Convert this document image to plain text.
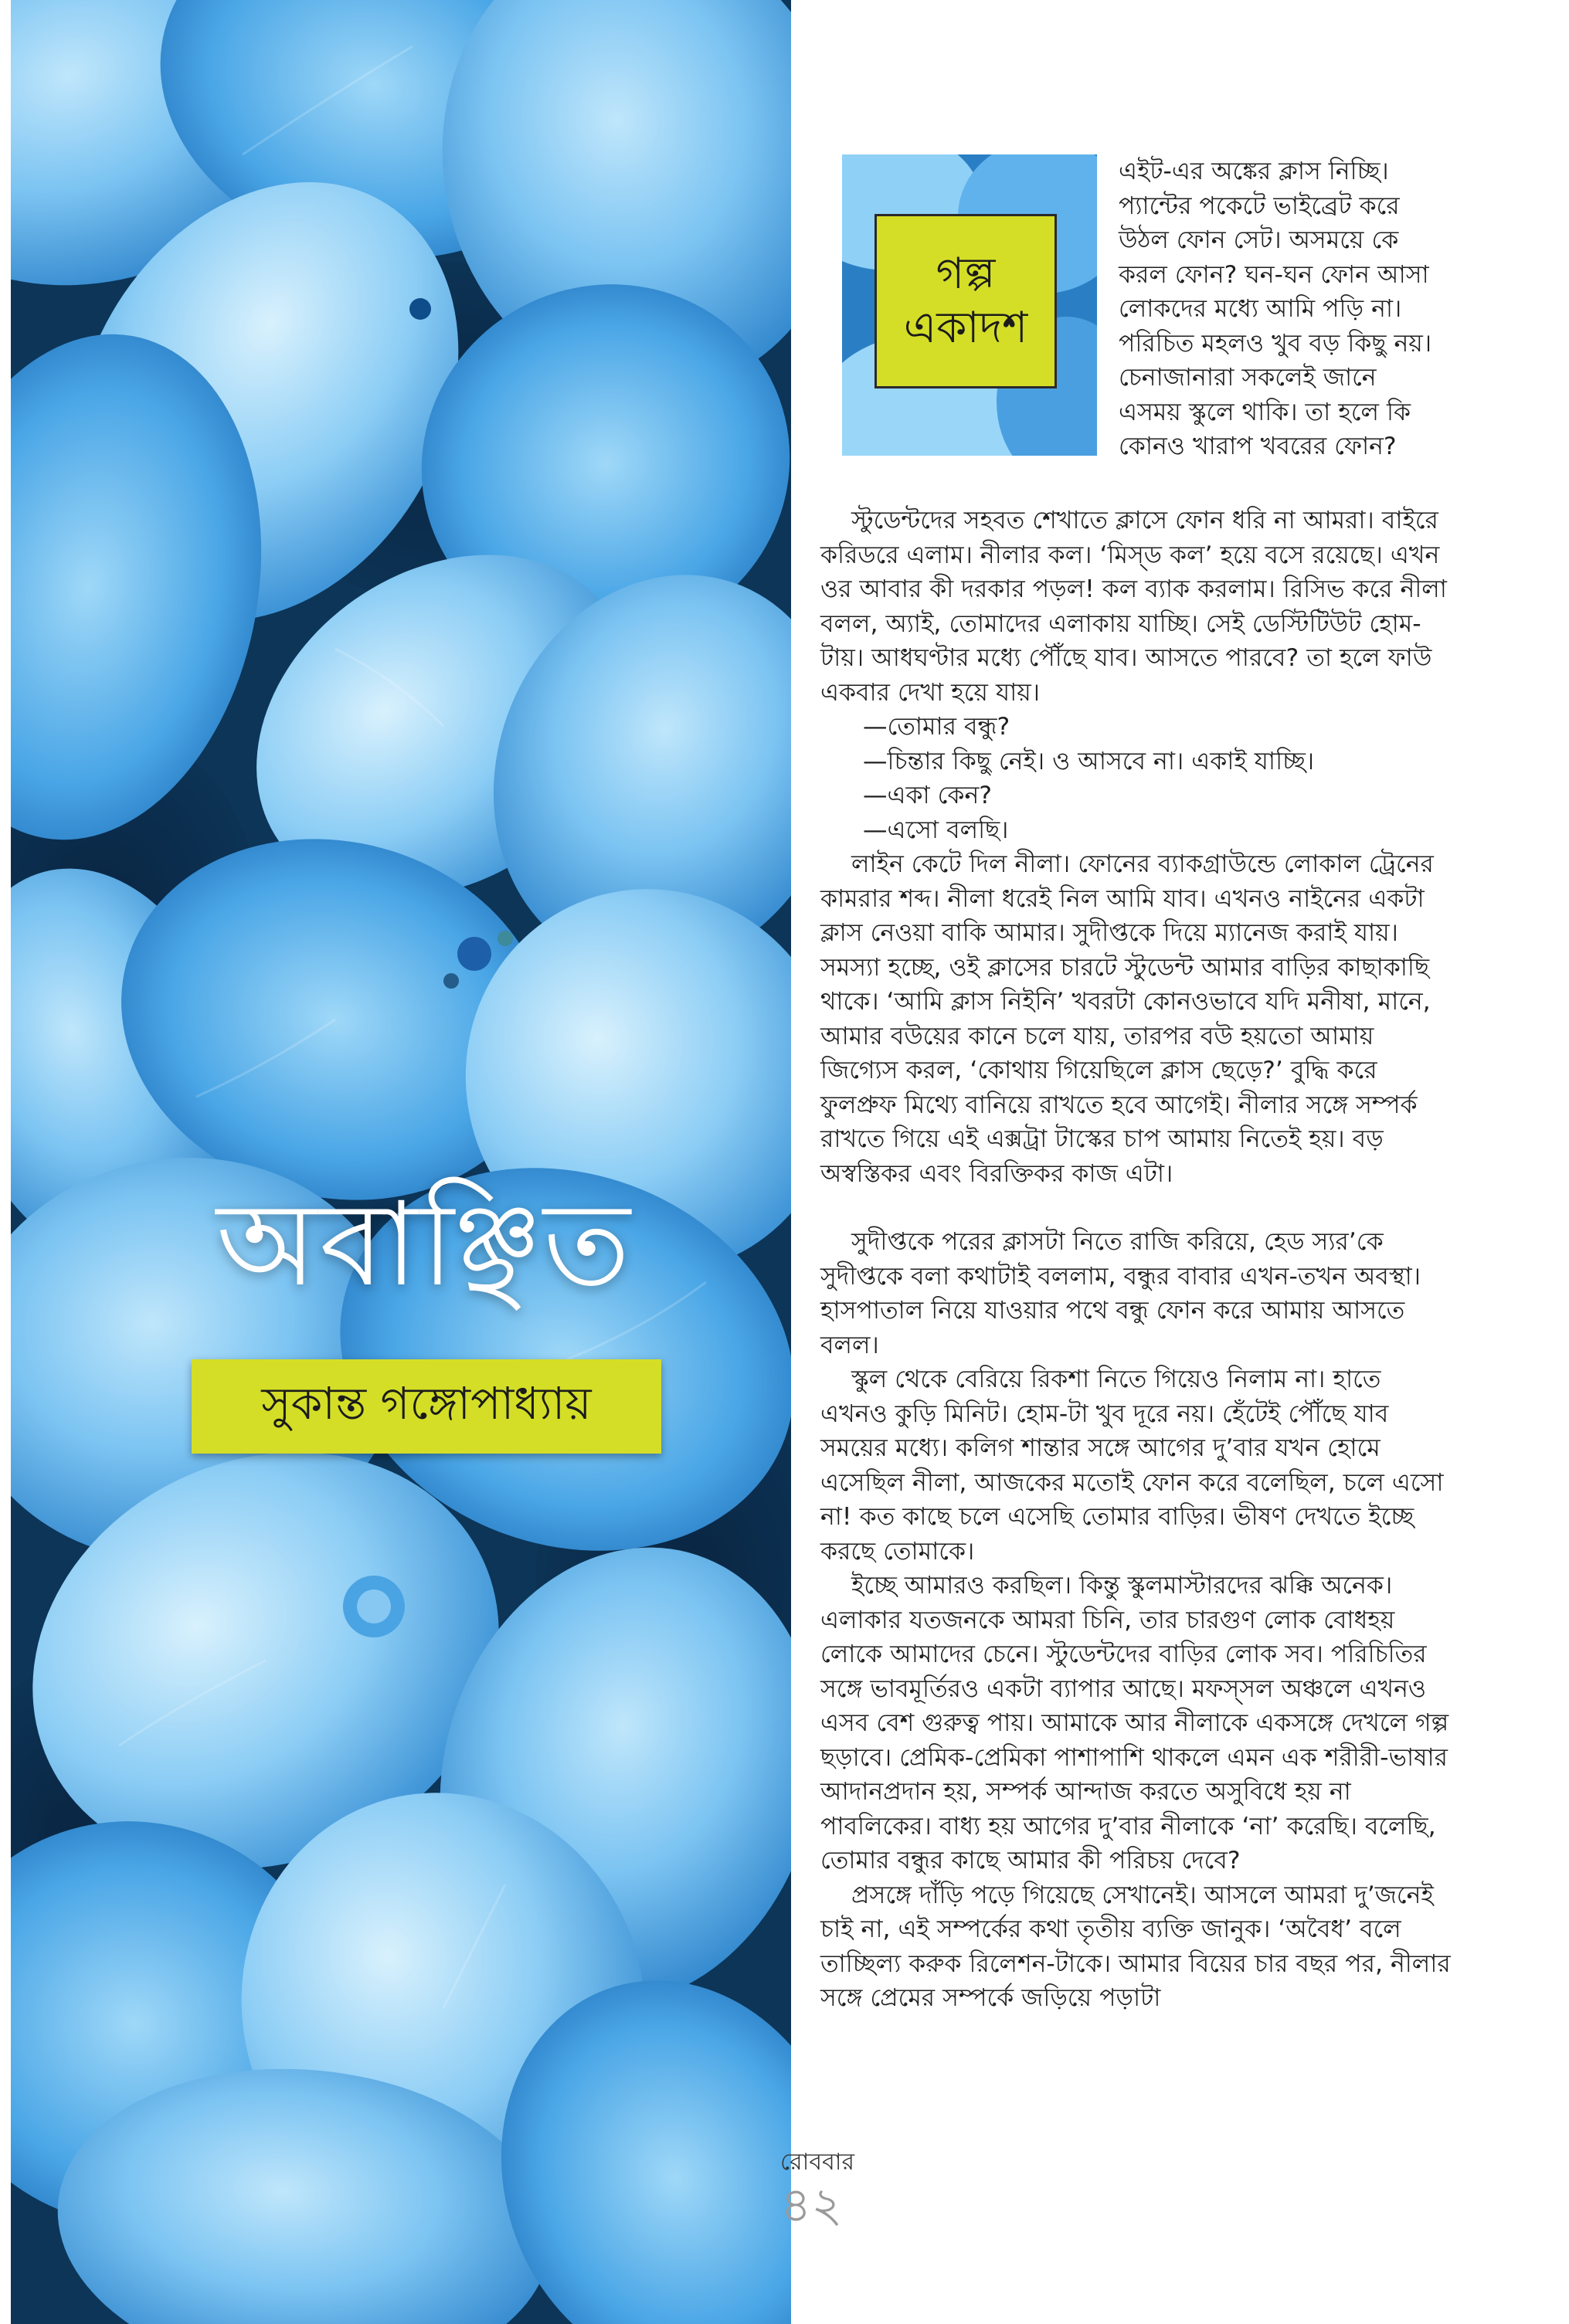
অবাঞ্ছিত
সুকান্ত গঙ্গোপাধ্যায়
গল্প
একাদশ

এইট-এর অঙ্কের ক্লাস নিচ্ছি। প্যান্টের পকেটে ভাইব্রেট করে উঠল ফোন সেট। অসময়ে কে করল ফোন? ঘন-ঘন ফোন আসা লোকদের মধ্যে আমি পড়ি না। পরিচিত মহলও খুব বড় কিছু নয়। চেনাজানারা সকলেই জানে এসময় স্কুলে থাকি। তা হলে কি কোনও খারাপ খবরের ফোন?

স্টুডেন্টদের সহবত শেখাতে ক্লাসে ফোন ধরি না আমরা। বাইরে করিডরে এলাম। নীলার কল। ‘মিস্‌ড কল’ হয়ে বসে রয়েছে। এখন ওর আবার কী দরকার পড়ল! কল ব্যাক করলাম। রিসিভ করে নীলা বলল, অ্যাই, তোমাদের এলাকায় যাচ্ছি। সেই ডেস্টিটিউট হোম-টায়। আধঘণ্টার মধ্যে পৌঁছে যাব। আসতে পারবে? তা হলে ফাউ একবার দেখা হয়ে যায়।

—তোমার বন্ধু?

—চিন্তার কিছু নেই। ও আসবে না। একাই যাচ্ছি।

—একা কেন?

—এসো বলছি।

লাইন কেটে দিল নীলা। ফোনের ব্যাকগ্রাউন্ডে লোকাল ট্রেনের কামরার শব্দ। নীলা ধরেই নিল আমি যাব। এখনও নাইনের একটা ক্লাস নেওয়া বাকি আমার। সুদীপ্তকে দিয়ে ম্যানেজ করাই যায়। সমস্যা হচ্ছে, ওই ক্লাসের চারটে স্টুডেন্ট আমার বাড়ির কাছাকাছি থাকে। ‘আমি ক্লাস নিইনি’ খবরটা কোনওভাবে যদি মনীষা, মানে, আমার বউয়ের কানে চলে যায়, তারপর বউ হয়তো আমায় জিগ্যেস করল, ‘কোথায় গিয়েছিলে ক্লাস ছেড়ে?’ বুদ্ধি করে ফুলপ্রুফ মিথ্যে বানিয়ে রাখতে হবে আগেই। নীলার সঙ্গে সম্পর্ক রাখতে গিয়ে এই এক্সট্রা টাস্কের চাপ আমায় নিতেই হয়। বড় অস্বস্তিকর এবং বিরক্তিকর কাজ এটা।

সুদীপ্তকে পরের ক্লাসটা নিতে রাজি করিয়ে, হেড স্যর’কে সুদীপ্তকে বলা কথাটাই বললাম, বন্ধুর বাবার এখন-তখন অবস্থা। হাসপাতাল নিয়ে যাওয়ার পথে বন্ধু ফোন করে আমায় আসতে বলল।

স্কুল থেকে বেরিয়ে রিকশা নিতে গিয়েও নিলাম না। হাতে এখনও কুড়ি মিনিট। হোম-টা খুব দূরে নয়। হেঁটেই পৌঁছে যাব সময়ের মধ্যে। কলিগ শান্তার সঙ্গে আগের দু’বার যখন হোমে এসেছিল নীলা, আজকের মতোই ফোন করে বলেছিল, চলে এসো না! কত কাছে চলে এসেছি তোমার বাড়ির। ভীষণ দেখতে ইচ্ছে করছে তোমাকে।

ইচ্ছে আমারও করছিল। কিন্তু স্কুলমাস্টারদের ঝক্কি অনেক। এলাকার যতজনকে আমরা চিনি, তার চারগুণ লোক বোধহয় লোকে আমাদের চেনে। স্টুডেন্টদের বাড়ির লোক সব। পরিচিতির সঙ্গে ভাবমূর্তিরও একটা ব্যাপার আছে। মফস্‌সল অঞ্চলে এখনও এসব বেশ গুরুত্ব পায়। আমাকে আর নীলাকে একসঙ্গে দেখলে গল্প ছড়াবে। প্রেমিক-প্রেমিকা পাশাপাশি থাকলে এমন এক শরীরী-ভাষার আদানপ্রদান হয়, সম্পর্ক আন্দাজ করতে অসুবিধে হয় না পাবলিকের। বাধ্য হয় আগের দু’বার নীলাকে ‘না’ করেছি। বলেছি, তোমার বন্ধুর কাছে আমার কী পরিচয় দেবে?

প্রসঙ্গে দাঁড়ি পড়ে গিয়েছে সেখানেই। আসলে আমরা দু’জনেই চাই না, এই সম্পর্কের কথা তৃতীয় ব্যক্তি জানুক। ‘অবৈধ’ বলে তাচ্ছিল্য করুক রিলেশন-টাকে। আমার বিয়ের চার বছর পর, নীলার সঙ্গে প্রেমের সম্পর্কে জড়িয়ে পড়াটা

রোববার
৪২
